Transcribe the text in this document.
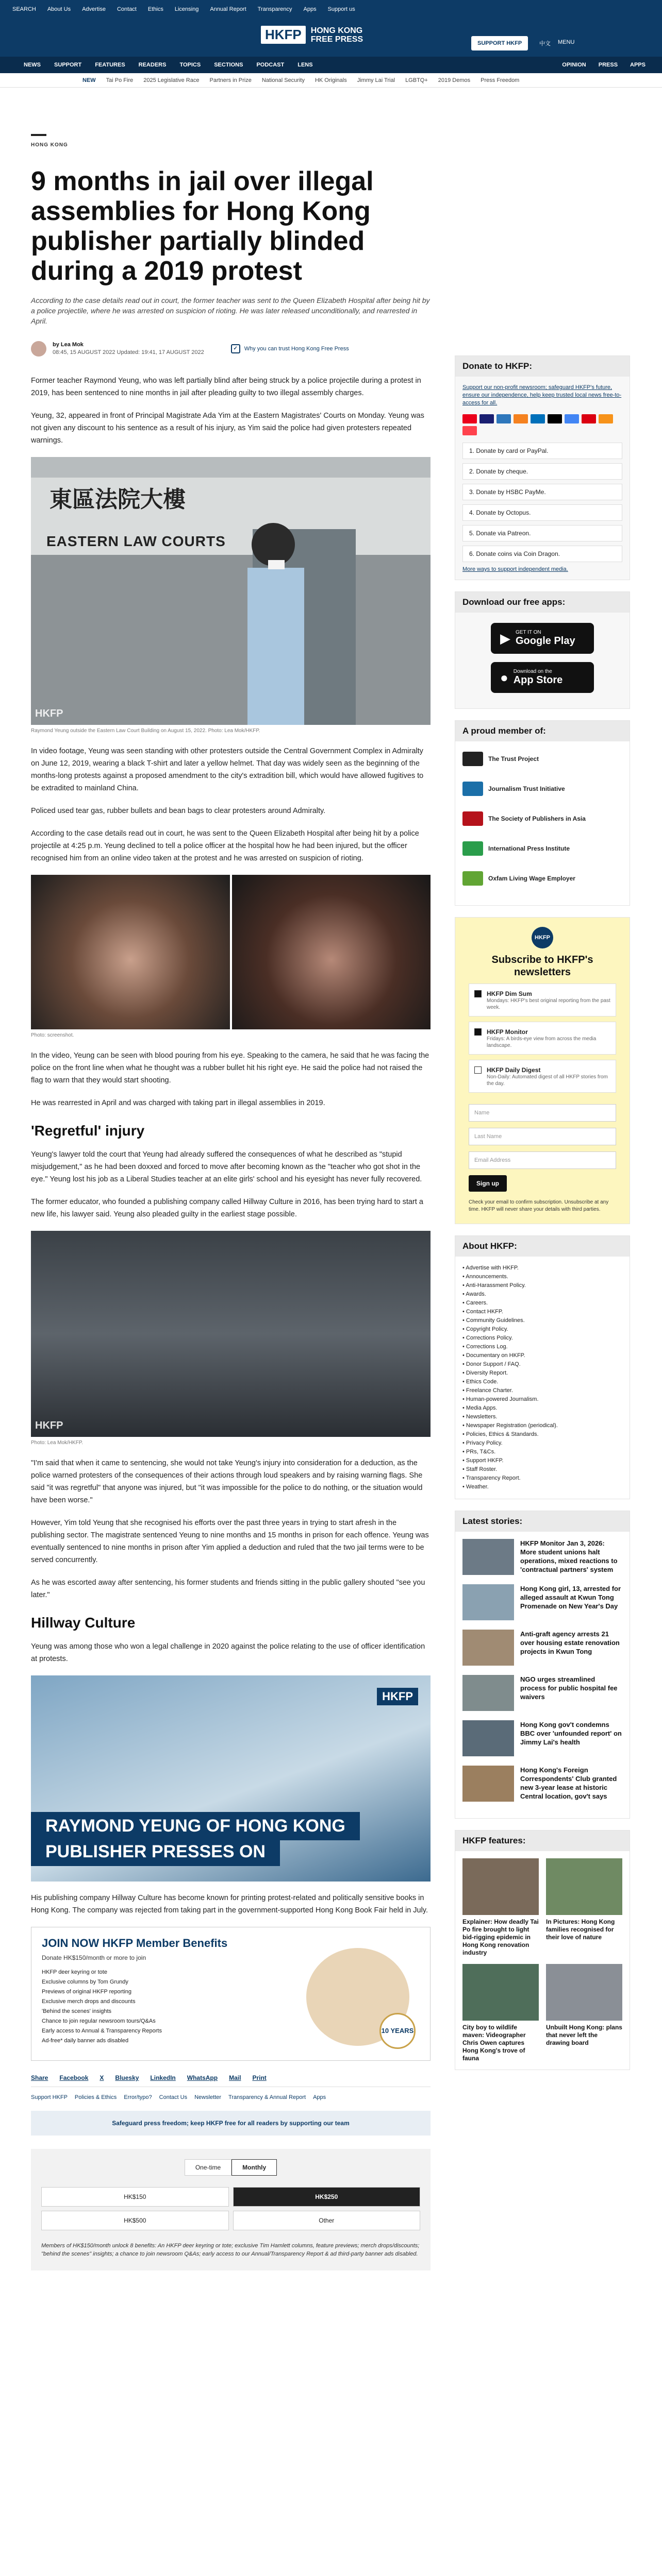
SEARCH About Us Advertise Contact Ethics Licensing Annual Report Transparency Apps Support us
HKFP	HONG KONG
FREE PRESS	SUPPORT HKFP	中文 MENU
NEWS SUPPORT FEATURES READERS TOPICS SECTIONS PODCAST LENS	OPINION PRESS APPS
NEW Tai Po Fire 2025 Legislative Race Partners in Prize National Security HK Originals Jimmy Lai Trial LGBTQ+ 2019 Demos Press Freedom
HONG KONG
9 months in jail over illegal assemblies for Hong Kong publisher partially blinded during a 2019 protest

According to the case details read out in court, the former teacher was sent to the Queen Elizabeth Hospital after being hit by a police projectile, where he was arrested on suspicion of rioting. He was later released unconditionally, and rearrested in April.

by Lea Mok
08:45, 15 AUGUST 2022 Updated: 19:41, 17 AUGUST 2022
✓	Why you can trust Hong Kong Free Press

Former teacher Raymond Yeung, who was left partially blind after being struck by a police projectile during a protest in 2019, has been sentenced to nine months in jail after pleading guilty to two illegal assembly charges.

Yeung, 32, appeared in front of Principal Magistrate Ada Yim at the Eastern Magistrates' Courts on Monday. Yeung was not given any discount to his sentence as a result of his injury, as Yim said the police had given protesters repeated warnings.

東區法院大樓
EASTERN LAW COURTS
HKFP
Raymond Yeung outside the Eastern Law Court Building on August 15, 2022. Photo: Lea Mok/HKFP.

In video footage, Yeung was seen standing with other protesters outside the Central Government Complex in Admiralty on June 12, 2019, wearing a black T-shirt and later a yellow helmet. That day was widely seen as the beginning of the months-long protests against a proposed amendment to the city's extradition bill, which would have allowed fugitives to be extradited to mainland China.

Policed used tear gas, rubber bullets and bean bags to clear protesters around Admiralty.

According to the case details read out in court, he was sent to the Queen Elizabeth Hospital after being hit by a police projectile at 4:25 p.m. Yeung declined to tell a police officer at the hospital how he had been injured, but the officer recognised him from an online video taken at the protest and he was arrested on suspicion of rioting.

Photo: screenshot.

In the video, Yeung can be seen with blood pouring from his eye. Speaking to the camera, he said that he was facing the police on the front line when what he thought was a rubber bullet hit his right eye. He said the police had not raised the flag to warn that they would start shooting.

He was rearrested in April and was charged with taking part in illegal assemblies in 2019.

'Regretful' injury

Yeung's lawyer told the court that Yeung had already suffered the consequences of what he described as "stupid misjudgement," as he had been doxxed and forced to move after becoming known as the "teacher who got shot in the eye." Yeung lost his job as a Liberal Studies teacher at an elite girls' school and his eyesight has never fully recovered.

The former educator, who founded a publishing company called Hillway Culture in 2016, has been trying hard to start a new life, his lawyer said. Yeung also pleaded guilty in the earliest stage possible.

HKFP
Photo: Lea Mok/HKFP.

"I'm said that when it came to sentencing, she would not take Yeung's injury into consideration for a deduction, as the police warned protesters of the consequences of their actions through loud speakers and by raising warning flags. She said "it was regretful" that anyone was injured, but "it was impossible for the police to do nothing, or the situation would have been worse."

However, Yim told Yeung that she recognised his efforts over the past three years in trying to start afresh in the publishing sector. The magistrate sentenced Yeung to nine months and 15 months in prison for each offence. Yeung was eventually sentenced to nine months in prison after Yim applied a deduction and ruled that the two jail terms were to be served concurrently.

As he was escorted away after sentencing, his former students and friends sitting in the public gallery shouted "see you later."

Hillway Culture

Yeung was among those who won a legal challenge in 2020 against the police relating to the use of officer identification at protests.

HKFP
RAYMOND YEUNG OF HONG KONG
PUBLISHER PRESSES ON

His publishing company Hillway Culture has become known for printing protest-related and politically sensitive books in Hong Kong. The company was rejected from taking part in the government-supported Hong Kong Book Fair held in July.

JOIN NOW HKFP Member Benefits
Donate HK$150/month or more to join
HKFP deer keyring or tote
Exclusive columns by Tom Grundy
Previews of original HKFP reporting
Exclusive merch drops and discounts
'Behind the scenes' insights
Chance to join regular newsroom tours/Q&As
Early access to Annual & Transparency Reports
Ad-free* daily banner ads disabled
10 YEARS
Share Facebook X Bluesky LinkedIn WhatsApp Mail Print
Support HKFP Policies & Ethics Error/typo? Contact Us Newsletter Transparency & Annual Report Apps
Safeguard press freedom; keep HKFP free for all readers by supporting our team
One-time	Monthly
HK$150	HK$250
HK$500	Other
Members of HK$150/month unlock 8 benefits: An HKFP deer keyring or tote; exclusive Tim Hamlett columns, feature previews; merch drops/discounts; "behind the scenes" insights; a chance to join newsroom Q&As; early access to our Annual/Transparency Report & ad third-party banner ads disabled.
Donate to HKFP:
Support our non-profit newsroom; safeguard HKFP's future, ensure our independence, help keep trusted local news free-to-access for all.
1. Donate by card or PayPal.
2. Donate by cheque.
3. Donate by HSBC PayMe.
4. Donate by Octopus.
5. Donate via Patreon.
6. Donate coins via Coin Dragon.
More ways to support independent media.
Download our free apps:
▶ GET IT ON
Google Play
● Download on the
App Store
A proud member of:
The Trust Project
Journalism Trust Initiative
The Society of Publishers in Asia
International Press Institute
Oxfam Living Wage Employer
HKFP
Subscribe to HKFP's newsletters
HKFP Dim Sum

Mondays: HKFP's best original reporting from the past week.

HKFP Monitor

Fridays: A birds-eye view from across the media landscape.

HKFP Daily Digest

Non-Daily: Automated digest of all HKFP stories from the day.

Name
Last Name
Email Address
Sign up
Check your email to confirm subscription. Unsubscribe at any time. HKFP will never share your details with third parties.
About HKFP:
• Advertise with HKFP.
• Announcements.
• Anti-Harassment Policy.
• Awards.
• Careers.
• Contact HKFP.
• Community Guidelines.
• Copyright Policy.
• Corrections Policy.
• Corrections Log.
• Documentary on HKFP.
• Donor Support / FAQ.
• Diversity Report.
• Ethics Code.
• Freelance Charter.
• Human-powered Journalism.
• Media Apps.
• Newsletters.
• Newspaper Registration (periodical).
• Policies, Ethics & Standards.
• Privacy Policy.
• PRs, T&Cs.
• Support HKFP.
• Staff Roster.
• Transparency Report.
• Weather.
Latest stories:
HKFP Monitor Jan 3, 2026: More student unions halt operations, mixed reactions to 'contractual partners' system
Hong Kong girl, 13, arrested for alleged assault at Kwun Tong Promenade on New Year's Day
Anti-graft agency arrests 21 over housing estate renovation projects in Kwun Tong
NGO urges streamlined process for public hospital fee waivers
Hong Kong gov't condemns BBC over 'unfounded report' on Jimmy Lai's health
Hong Kong's Foreign Correspondents' Club granted new 3-year lease at historic Central location, gov't says
HKFP features:
Explainer: How deadly Tai Po fire brought to light bid-rigging epidemic in Hong Kong renovation industry
In Pictures: Hong Kong families recognised for their love of nature
City boy to wildlife maven: Videographer Chris Owen captures Hong Kong's trove of fauna
Unbuilt Hong Kong: plans that never left the drawing board
